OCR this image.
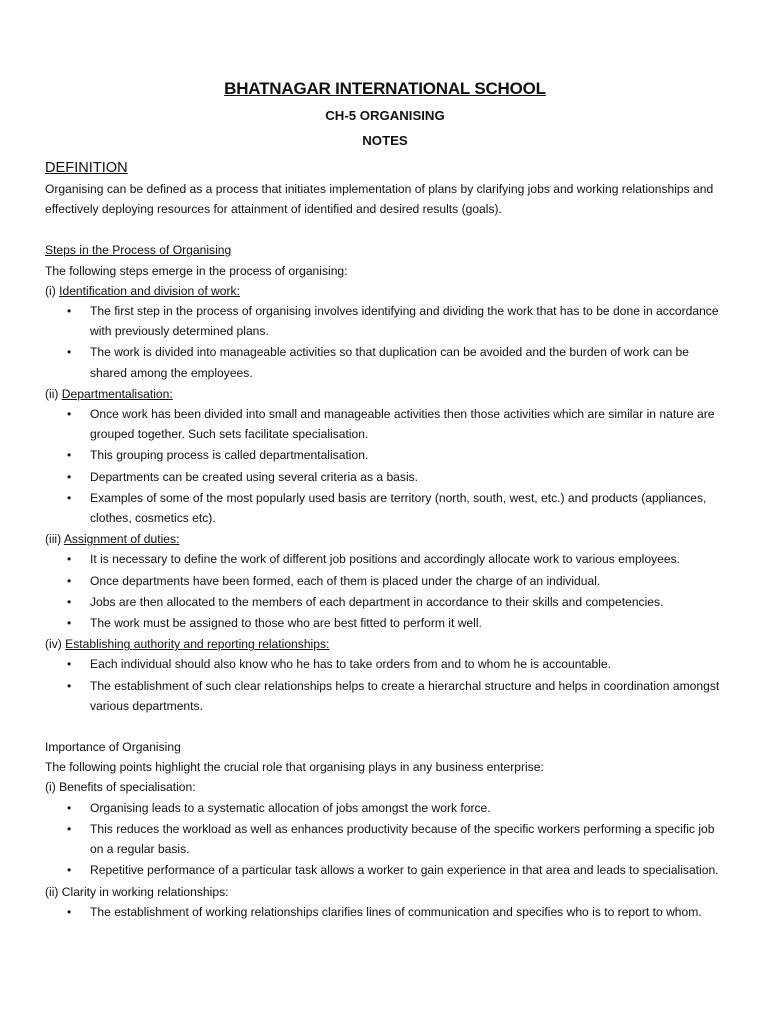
BHATNAGAR INTERNATIONAL SCHOOL
CH-5 ORGANISING
NOTES
DEFINITION

Organising can be defined as a process that initiates implementation of plans by clarifying jobs and working relationships and effectively deploying resources for attainment of identified and desired results (goals).

Steps in the Process of Organising

The following steps emerge in the process of organising:

(i) Identification and division of work:
• The first step in the process of organising involves identifying and dividing the work that has to be done in accordance with previously determined plans.
• The work is divided into manageable activities so that duplication can be avoided and the burden of work can be shared among the employees.
(ii) Departmentalisation:
• Once work has been divided into small and manageable activities then those activities which are similar in nature are grouped together. Such sets facilitate specialisation.
• This grouping process is called departmentalisation.
• Departments can be created using several criteria as a basis.
• Examples of some of the most popularly used basis are territory (north, south, west, etc.) and products (appliances, clothes, cosmetics etc).
(iii) Assignment of duties:
• It is necessary to define the work of different job positions and accordingly allocate work to various employees.
• Once departments have been formed, each of them is placed under the charge of an individual.
• Jobs are then allocated to the members of each department in accordance to their skills and competencies.
• The work must be assigned to those who are best fitted to perform it well.
(iv) Establishing authority and reporting relationships:
• Each individual should also know who he has to take orders from and to whom he is accountable.
• The establishment of such clear relationships helps to create a hierarchal structure and helps in coordination amongst various departments.
Importance of Organising

The following points highlight the crucial role that organising plays in any business enterprise:

(i) Benefits of specialisation:
• Organising leads to a systematic allocation of jobs amongst the work force.
• This reduces the workload as well as enhances productivity because of the specific workers performing a specific job on a regular basis.
• Repetitive performance of a particular task allows a worker to gain experience in that area and leads to specialisation.
(ii) Clarity in working relationships:
• The establishment of working relationships clarifies lines of communication and specifies who is to report to whom.
